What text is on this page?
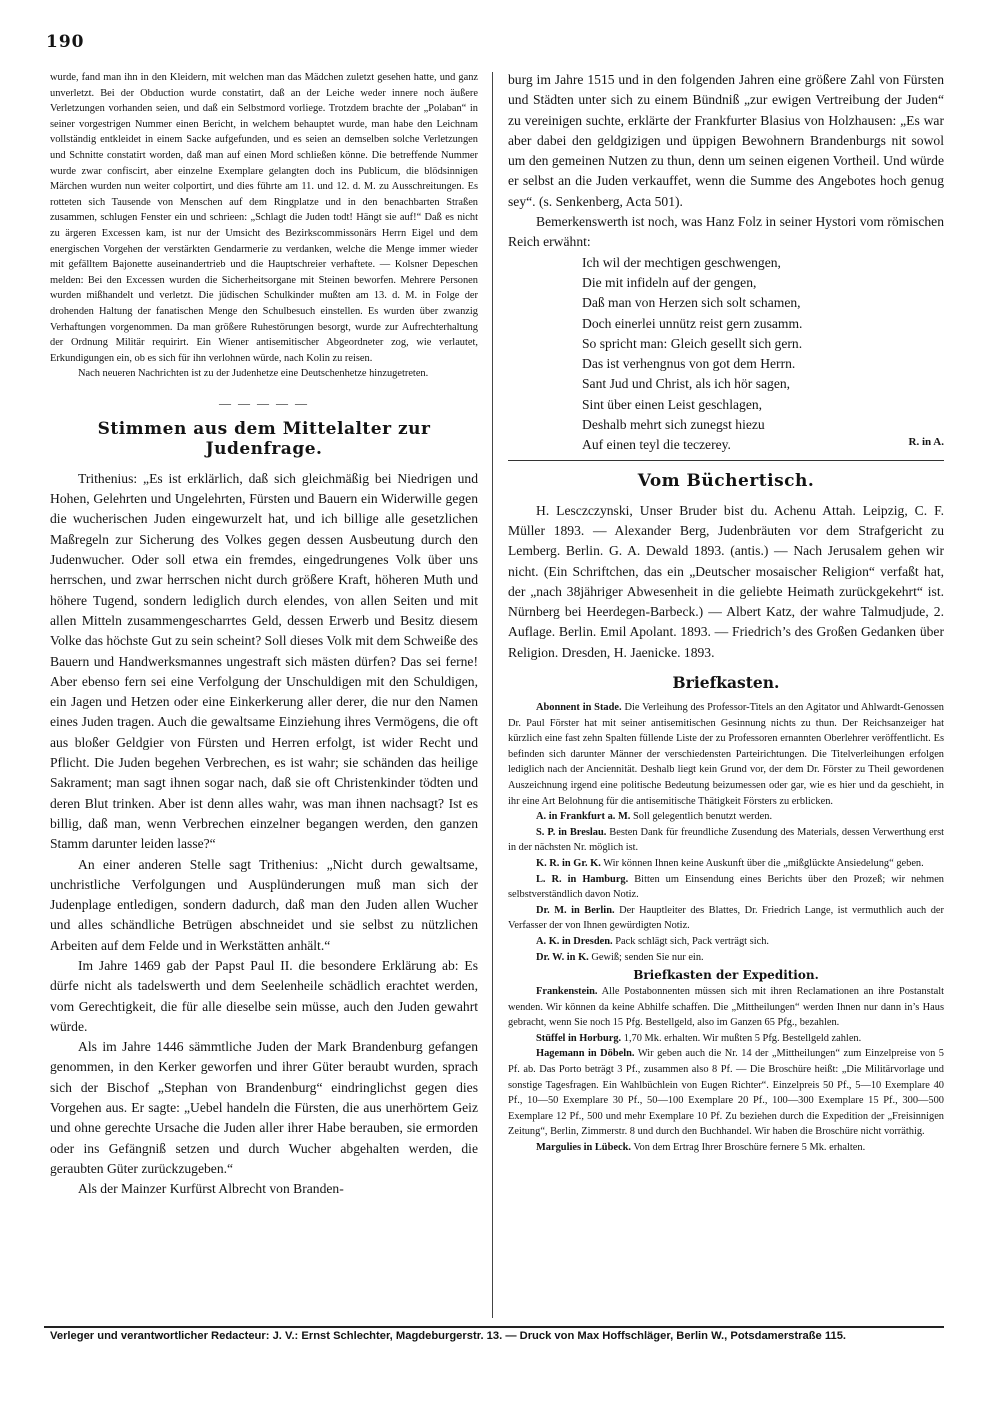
190

wurde, fand man ihn in den Kleidern, mit welchen man das Mädchen zuletzt gesehen hatte, und ganz unverletzt. Bei der Obduction wurde constatirt, daß an der Leiche weder innere noch äußere Verletzungen vorhanden seien, und daß ein Selbstmord vorliege. Trotzdem brachte der „Polaban“ in seiner vorgestrigen Nummer einen Bericht, in welchem behauptet wurde, man habe den Leichnam vollständig entkleidet in einem Sacke aufgefunden, und es seien an demselben solche Verletzungen und Schnitte constatirt worden, daß man auf einen Mord schließen könne. Die betreffende Nummer wurde zwar confiscirt, aber einzelne Exemplare gelangten doch ins Publicum, die blödsinnigen Märchen wurden nun weiter colportirt, und dies führte am 11. und 12. d. M. zu Ausschreitungen. Es rotteten sich Tausende von Menschen auf dem Ringplatze und in den benachbarten Straßen zusammen, schlugen Fenster ein und schrieen: „Schlagt die Juden todt! Hängt sie auf!“ Daß es nicht zu ärgeren Excessen kam, ist nur der Umsicht des Bezirkscommissonärs Herrn Eigel und dem energischen Vorgehen der verstärkten Gendarmerie zu verdanken, welche die Menge immer wieder mit gefälltem Bajonette auseinandertrieb und die Hauptschreier verhaftete. — Kolsner Depeschen melden: Bei den Excessen wurden die Sicherheitsorgane mit Steinen beworfen. Mehrere Personen wurden mißhandelt und verletzt. Die jüdischen Schulkinder mußten am 13. d. M. in Folge der drohenden Haltung der fanatischen Menge den Schulbesuch einstellen. Es wurden über zwanzig Verhaftungen vorgenommen. Da man größere Ruhestörungen besorgt, wurde zur Aufrechterhaltung der Ordnung Militär requirirt. Ein Wiener antisemitischer Abgeordneter zog, wie verlautet, Erkundigungen ein, ob es sich für ihn verlohnen würde, nach Kolin zu reisen.

Nach neueren Nachrichten ist zu der Judenhetze eine Deutschenhetze hinzugetreten.

— — — — —
Stimmen aus dem Mittelalter zur Judenfrage.

Trithenius: „Es ist erklärlich, daß sich gleichmäßig bei Niedrigen und Hohen, Gelehrten und Ungelehrten, Fürsten und Bauern ein Widerwille gegen die wucherischen Juden eingewurzelt hat, und ich billige alle gesetzlichen Maßregeln zur Sicherung des Volkes gegen dessen Ausbeutung durch den Judenwucher. Oder soll etwa ein fremdes, eingedrungenes Volk über uns herrschen, und zwar herrschen nicht durch größere Kraft, höheren Muth und höhere Tugend, sondern lediglich durch elendes, von allen Seiten und mit allen Mitteln zusammengescharrtes Geld, dessen Erwerb und Besitz diesem Volke das höchste Gut zu sein scheint? Soll dieses Volk mit dem Schweiße des Bauern und Handwerksmannes ungestraft sich mästen dürfen? Das sei ferne! Aber ebenso fern sei eine Verfolgung der Unschuldigen mit den Schuldigen, ein Jagen und Hetzen oder eine Einkerkerung aller derer, die nur den Namen eines Juden tragen. Auch die gewaltsame Einziehung ihres Vermögens, die oft aus bloßer Geldgier von Fürsten und Herren erfolgt, ist wider Recht und Pflicht. Die Juden begehen Verbrechen, es ist wahr; sie schänden das heilige Sakrament; man sagt ihnen sogar nach, daß sie oft Christenkinder tödten und deren Blut trinken. Aber ist denn alles wahr, was man ihnen nachsagt? Ist es billig, daß man, wenn Verbrechen einzelner begangen werden, den ganzen Stamm darunter leiden lasse?“

An einer anderen Stelle sagt Trithenius: „Nicht durch gewaltsame, unchristliche Verfolgungen und Ausplünderungen muß man sich der Judenplage entledigen, sondern dadurch, daß man den Juden allen Wucher und alles schändliche Betrügen abschneidet und sie selbst zu nützlichen Arbeiten auf dem Felde und in Werkstätten anhält.“

Im Jahre 1469 gab der Papst Paul II. die besondere Erklärung ab: Es dürfe nicht als tadelswerth und dem Seelenheile schädlich erachtet werden, vom Gerechtigkeit, die für alle dieselbe sein müsse, auch den Juden gewahrt würde.

Als im Jahre 1446 sämmtliche Juden der Mark Brandenburg gefangen genommen, in den Kerker geworfen und ihrer Güter beraubt wurden, sprach sich der Bischof „Stephan von Brandenburg“ eindringlichst gegen dies Vorgehen aus. Er sagte: „Uebel handeln die Fürsten, die aus unerhörtem Geiz und ohne gerechte Ursache die Juden aller ihrer Habe berauben, sie ermorden oder ins Gefängniß setzen und durch Wucher abgehalten werden, die geraubten Güter zurückzugeben.“

Als der Mainzer Kurfürst Albrecht von Branden-

burg im Jahre 1515 und in den folgenden Jahren eine größere Zahl von Fürsten und Städten unter sich zu einem Bündniß „zur ewigen Vertreibung der Juden“ zu vereinigen suchte, erklärte der Frankfurter Blasius von Holzhausen: „Es war aber dabei den geldgizigen und üppigen Bewohnern Brandenburgs nit sowol um den gemeinen Nutzen zu thun, denn um seinen eigenen Vortheil. Und würde er selbst an die Juden verkauffet, wenn die Summe des Angebotes hoch genug sey“. (s. Senkenberg, Acta 501).

Bemerkenswerth ist noch, was Hanz Folz in seiner Hystori vom römischen Reich erwähnt:

Ich wil der mechtigen geschwengen,
Die mit infideln auf der gengen,
Daß man von Herzen sich solt schamen,
Doch einerlei unnütz reist gern zusamm.
So spricht man: Gleich gesellt sich gern.
Das ist verhengnus von got dem Herrn.
Sant Jud und Christ, als ich hör sagen,
Sint über einen Leist geschlagen,
Deshalb mehrt sich zunegst hiezu
Auf einen teyl die teczerey.	R. in A.
Vom Büchertisch.

H. Lesczczynski, Unser Bruder bist du. Achenu Attah. Leipzig, C. F. Müller 1893. — Alexander Berg, Judenbräuten vor dem Strafgericht zu Lemberg. Berlin. G. A. Dewald 1893. (antis.) — Nach Jerusalem gehen wir nicht. (Ein Schriftchen, das ein „Deutscher mosaischer Religion“ verfaßt hat, der „nach 38jähriger Abwesenheit in die geliebte Heimath zurückgekehrt“ ist. Nürnberg bei Heerdegen-Barbeck.) — Albert Katz, der wahre Talmudjude, 2. Auflage. Berlin. Emil Apolant. 1893. — Friedrich’s des Großen Gedanken über Religion. Dresden, H. Jaenicke. 1893.

Briefkasten.

Abonnent in Stade. Die Verleihung des Professor-Titels an den Agitator und Ahlwardt-Genossen Dr. Paul Förster hat mit seiner antisemitischen Gesinnung nichts zu thun. Der Reichsanzeiger hat kürzlich eine fast zehn Spalten füllende Liste der zu Professoren ernannten Oberlehrer veröffentlicht. Es befinden sich darunter Männer der verschiedensten Parteirichtungen. Die Titelverleihungen erfolgen lediglich nach der Anciennität. Deshalb liegt kein Grund vor, der dem Dr. Förster zu Theil gewordenen Auszeichnung irgend eine politische Bedeutung beizumessen oder gar, wie es hier und da geschieht, in ihr eine Art Belohnung für die antisemitische Thätigkeit Försters zu erblicken.

A. in Frankfurt a. M. Soll gelegentlich benutzt werden.

S. P. in Breslau. Besten Dank für freundliche Zusendung des Materials, dessen Verwerthung erst in der nächsten Nr. möglich ist.

K. R. in Gr. K. Wir können Ihnen keine Auskunft über die „mißglückte Ansiedelung“ geben.

L. R. in Hamburg. Bitten um Einsendung eines Berichts über den Prozeß; wir nehmen selbstverständlich davon Notiz.

Dr. M. in Berlin. Der Hauptleiter des Blattes, Dr. Friedrich Lange, ist vermuthlich auch der Verfasser der von Ihnen gewürdigten Notiz.

A. K. in Dresden. Pack schlägt sich, Pack verträgt sich.

Dr. W. in K. Gewiß; senden Sie nur ein.

Briefkasten der Expedition.

Frankenstein. Alle Postabonnenten müssen sich mit ihren Reclamationen an ihre Postanstalt wenden. Wir können da keine Abhilfe schaffen. Die „Mittheilungen“ werden Ihnen nur dann in’s Haus gebracht, wenn Sie noch 15 Pfg. Bestellgeld, also im Ganzen 65 Pfg., bezahlen.

Stüffel in Horburg. 1,70 Mk. erhalten. Wir mußten 5 Pfg. Bestellgeld zahlen.

Hagemann in Döbeln. Wir geben auch die Nr. 14 der „Mittheilungen“ zum Einzelpreise von 5 Pf. ab. Das Porto beträgt 3 Pf., zusammen also 8 Pf. — Die Broschüre heißt: „Die Militärvorlage und sonstige Tagesfragen. Ein Wahlbüchlein von Eugen Richter“. Einzelpreis 50 Pf., 5—10 Exemplare 40 Pf., 10—50 Exemplare 30 Pf., 50—100 Exemplare 20 Pf., 100—300 Exemplare 15 Pf., 300—500 Exemplare 12 Pf., 500 und mehr Exemplare 10 Pf. Zu beziehen durch die Expedition der „Freisinnigen Zeitung“, Berlin, Zimmerstr. 8 und durch den Buchhandel. Wir haben die Broschüre nicht vorräthig.

Margulies in Lübeck. Von dem Ertrag Ihrer Broschüre fernere 5 Mk. erhalten.

Verleger und verantwortlicher Redacteur: J. V.: Ernst Schlechter, Magdeburgerstr. 13. — Druck von Max Hoffschläger, Berlin W., Potsdamerstraße 115.
